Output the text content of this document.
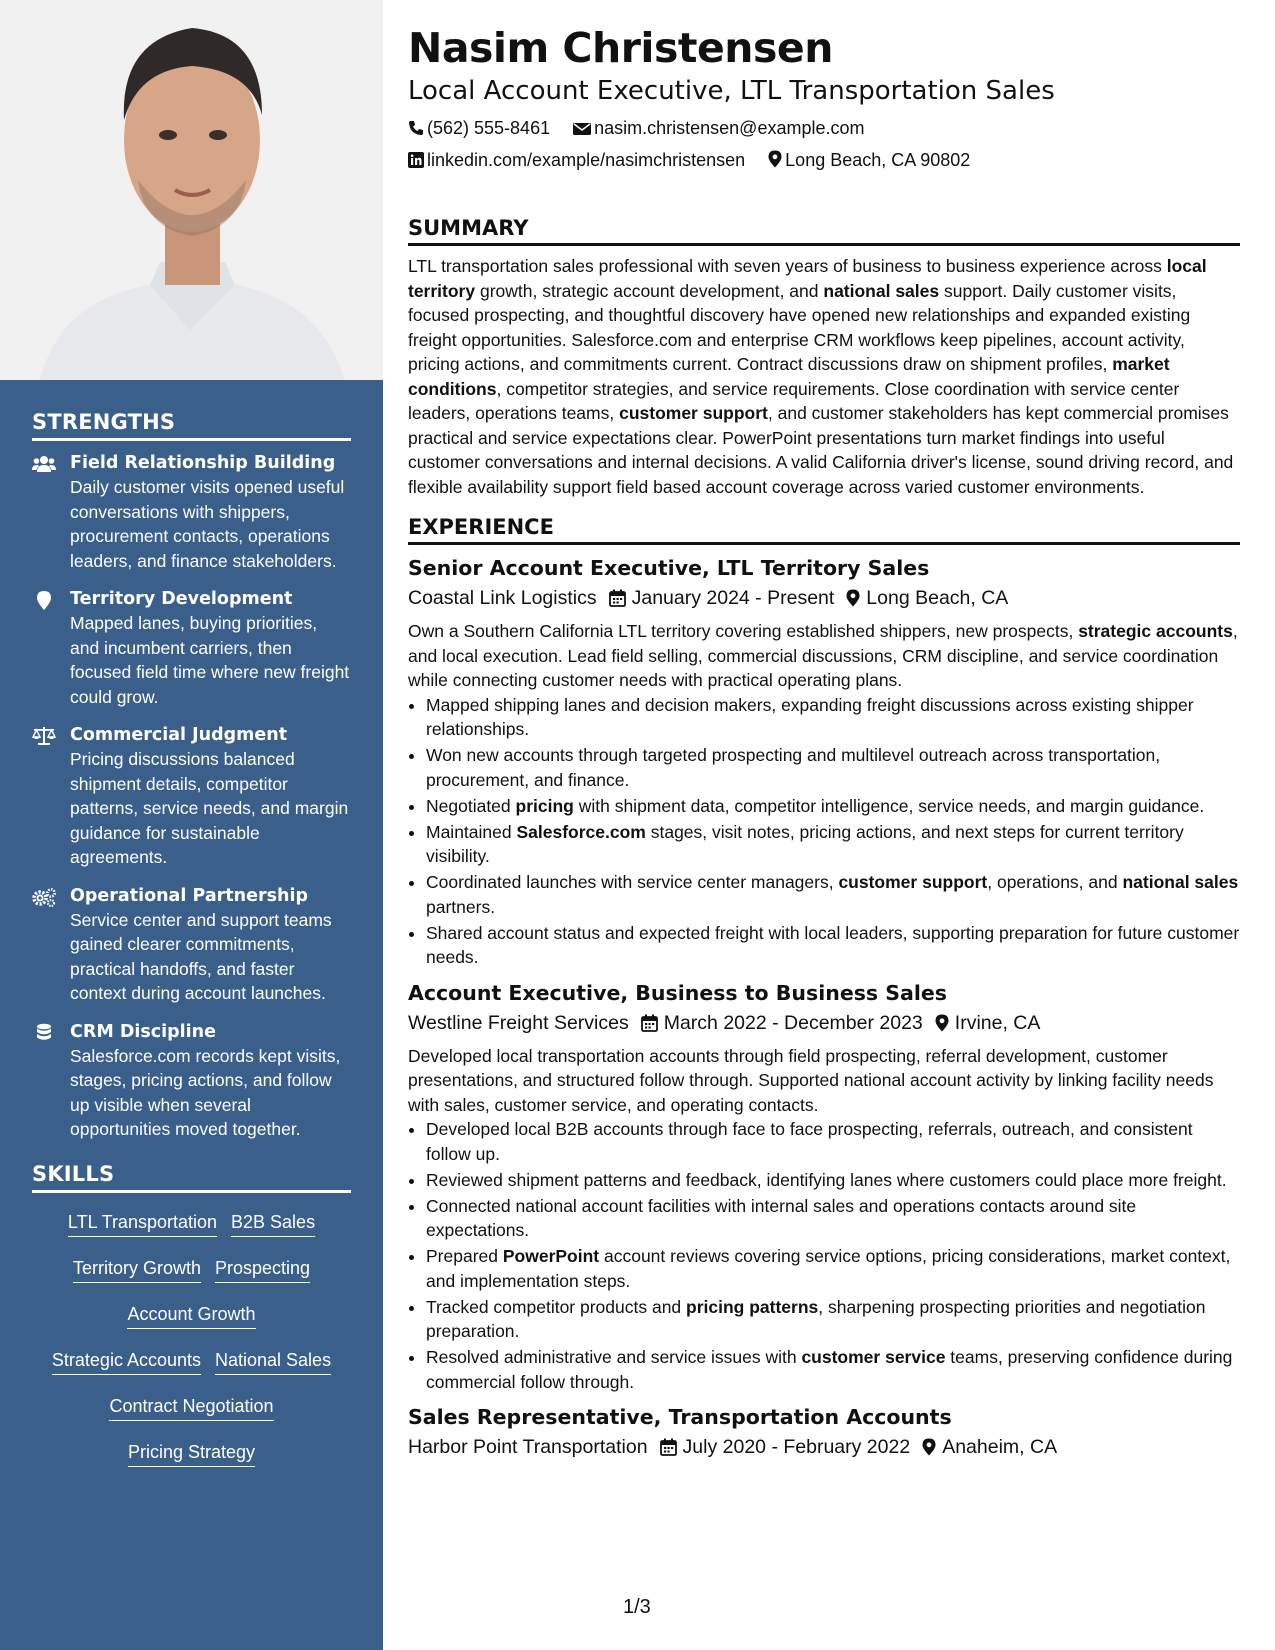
STRENGTHS
Field Relationship Building
Daily customer visits opened useful conversations with shippers, procurement contacts, operations leaders, and finance stakeholders.
Territory Development
Mapped lanes, buying priorities, and incumbent carriers, then focused field time where new freight could grow.
Commercial Judgment
Pricing discussions balanced shipment details, competitor patterns, service needs, and margin guidance for sustainable agreements.
Operational Partnership
Service center and support teams gained clearer commitments, practical handoffs, and faster context during account launches.
CRM Discipline
Salesforce.com records kept visits, stages, pricing actions, and follow up visible when several opportunities moved together.
SKILLS
LTL Transportation B2B Sales
Territory Growth Prospecting
Account Growth
Strategic Accounts National Sales
Contract Negotiation
Pricing Strategy
Nasim Christensen
Local Account Executive, LTL Transportation Sales
(562) 555-8461 nasim.christensen@example.com
linkedin.com/example/nasimchristensen Long Beach, CA 90802
SUMMARY

LTL transportation sales professional with seven years of business to business experience across local territory growth, strategic account development, and national sales support. Daily customer visits, focused prospecting, and thoughtful discovery have opened new relationships and expanded existing freight opportunities. Salesforce.com and enterprise CRM workflows keep pipelines, account activity, pricing actions, and commitments current. Contract discussions draw on shipment profiles, market conditions, competitor strategies, and service requirements. Close coordination with service center leaders, operations teams, customer support, and customer stakeholders has kept commercial promises practical and service expectations clear. PowerPoint presentations turn market findings into useful customer conversations and internal decisions. A valid California driver's license, sound driving record, and flexible availability support field based account coverage across varied customer environments.

EXPERIENCE
Senior Account Executive, LTL Territory Sales
Coastal Link Logistics January 2024 - Present Long Beach, CA

Own a Southern California LTL territory covering established shippers, new prospects, strategic accounts, and local execution. Lead field selling, commercial discussions, CRM discipline, and service coordination while connecting customer needs with practical operating plans.

• Mapped shipping lanes and decision makers, expanding freight discussions across existing shipper relationships.
• Won new accounts through targeted prospecting and multilevel outreach across transportation, procurement, and finance.
• Negotiated pricing with shipment data, competitor intelligence, service needs, and margin guidance.
• Maintained Salesforce.com stages, visit notes, pricing actions, and next steps for current territory visibility.
• Coordinated launches with service center managers, customer support, operations, and national sales partners.
• Shared account status and expected freight with local leaders, supporting preparation for future customer needs.
Account Executive, Business to Business Sales
Westline Freight Services March 2022 - December 2023 Irvine, CA

Developed local transportation accounts through field prospecting, referral development, customer presentations, and structured follow through. Supported national account activity by linking facility needs with sales, customer service, and operating contacts.

• Developed local B2B accounts through face to face prospecting, referrals, outreach, and consistent follow up.
• Reviewed shipment patterns and feedback, identifying lanes where customers could place more freight.
• Connected national account facilities with internal sales and operations contacts around site expectations.
• Prepared PowerPoint account reviews covering service options, pricing considerations, market context, and implementation steps.
• Tracked competitor products and pricing patterns, sharpening prospecting priorities and negotiation preparation.
• Resolved administrative and service issues with customer service teams, preserving confidence during commercial follow through.
Sales Representative, Transportation Accounts
Harbor Point Transportation July 2020 - February 2022 Anaheim, CA
1/3
